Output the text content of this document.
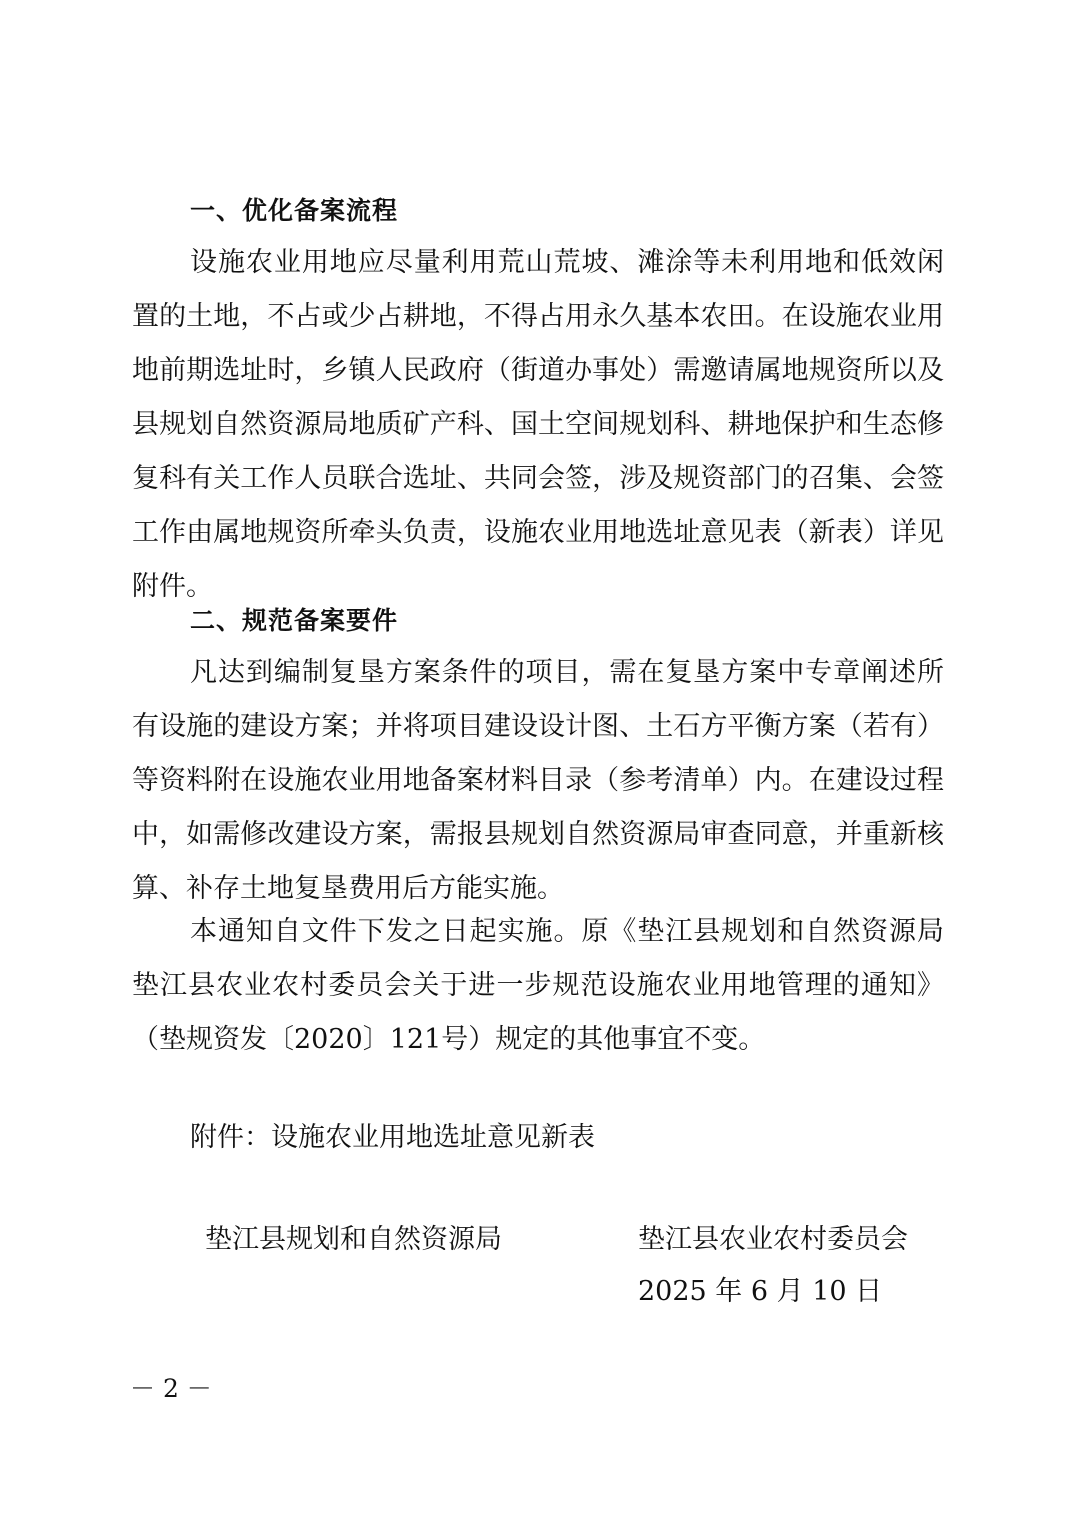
一、优化备案流程

设施农业用地应尽量利用荒山荒坡、滩涂等未利用地和低效闲置的土地，不占或少占耕地，不得占用永久基本农田。在设施农业用地前期选址时，乡镇人民政府（街道办事处）需邀请属地规资所以及县规划自然资源局地质矿产科、国土空间规划科、耕地保护和生态修复科有关工作人员联合选址、共同会签，涉及规资部门的召集、会签工作由属地规资所牵头负责，设施农业用地选址意见表（新表）详见附件。

二、规范备案要件

凡达到编制复垦方案条件的项目，需在复垦方案中专章阐述所有设施的建设方案；并将项目建设设计图、土石方平衡方案（若有）等资料附在设施农业用地备案材料目录（参考清单）内。在建设过程中，如需修改建设方案，需报县规划自然资源局审查同意，并重新核算、补存土地复垦费用后方能实施。

本通知自文件下发之日起实施。原《垫江县规划和自然资源局 垫江县农业农村委员会关于进一步规范设施农业用地管理的通知》（垫规资发〔2020〕121号）规定的其他事宜不变。

附件：设施农业用地选址意见新表
垫江县规划和自然资源局	垫江县农业农村委员会
2025 年 6 月 10 日
－ 2 －
